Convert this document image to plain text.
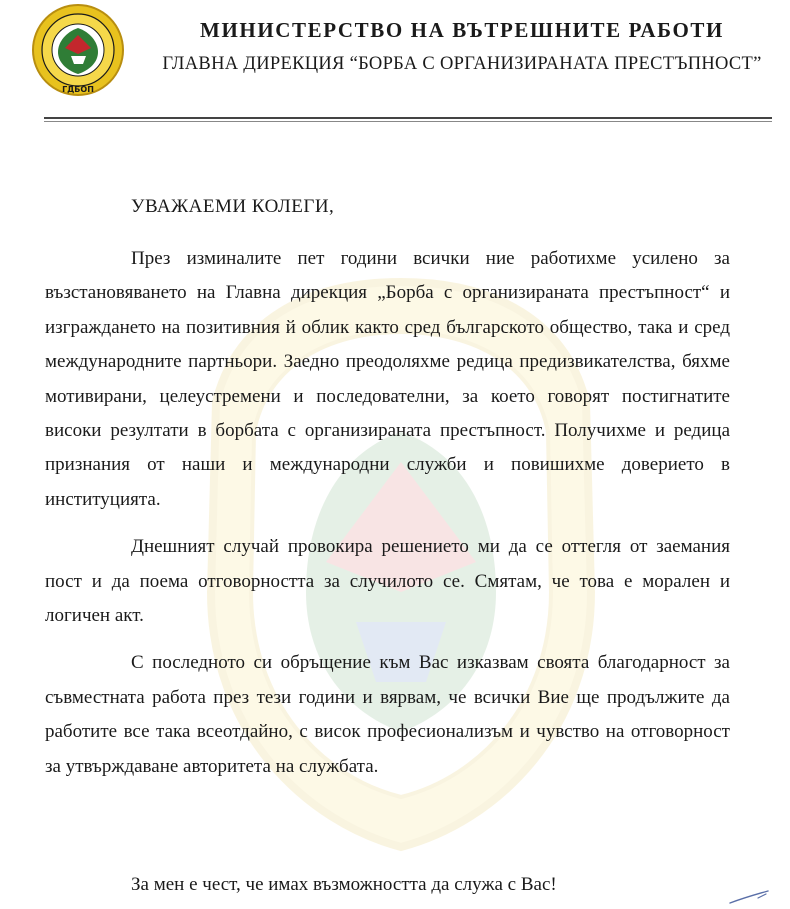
ГДБОП
МИНИСТЕРСТВО НА ВЪТРЕШНИТЕ РАБОТИ
ГЛАВНА ДИРЕКЦИЯ “БОРБА С ОРГАНИЗИРАНАТА ПРЕСТЪПНОСТ”
УВАЖАЕМИ КОЛЕГИ,

През изминалите пет години всички ние работихме усилено за възстановяването на Главна дирекция „Борба с организираната престъпност“ и изграждането на позитивния й облик както сред българското общество, така и сред международните партньори. Заедно преодоляхме редица предизвикателства, бяхме мотивирани, целеустремени и последователни, за което говорят постигнатите високи резултати в борбата с организираната престъпност. Получихме и редица признания от наши и международни служби и повишихме доверието в институцията.

Днешният случай провокира решението ми да се оттегля от заемания пост и да поема отговорността за случилото се. Смятам, че това е морален и логичен акт.

С последното си обръщение към Вас изказвам своята благодарност за съвместната работа през тези години и вярвам, че всички Вие ще продължите да работите все така всеотдайно, с висок професионализъм и чувство на отговорност за утвърждаване авторитета на службата.

За мен е чест, че имах възможността да служа с Вас!
